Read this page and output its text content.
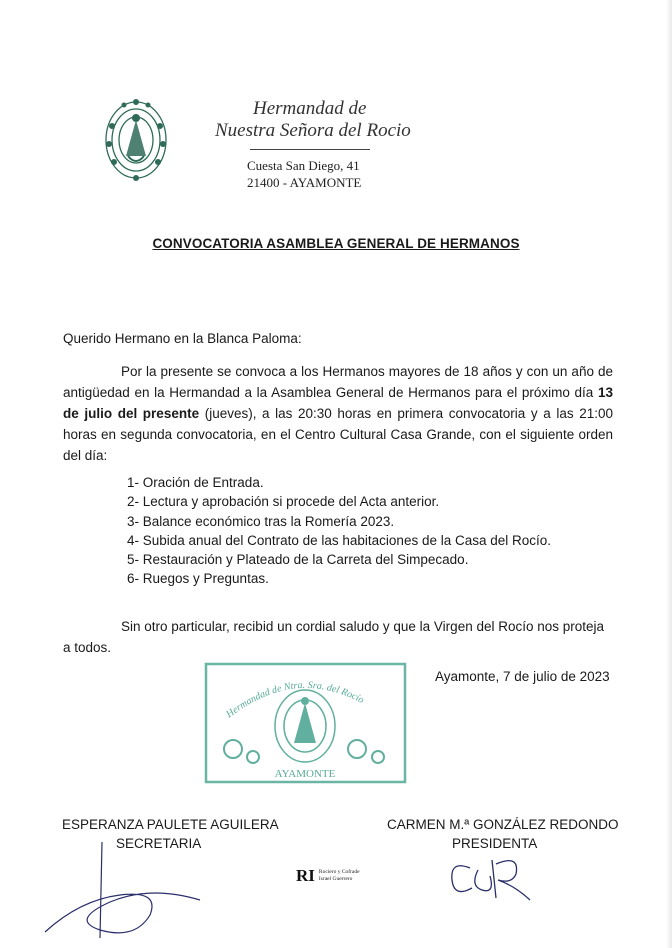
Hermandad de
Nuestra Señora del Rocio
Cuesta San Diego, 41
21400 - AYAMONTE
CONVOCATORIA ASAMBLEA GENERAL DE HERMANOS
Querido Hermano en la Blanca Paloma:
Por la presente se convoca a los Hermanos mayores de 18 años y con un año de antigüedad en la Hermandad a la Asamblea General de Hermanos para el próximo día 13 de julio del presente (jueves), a las 20:30 horas en primera convocatoria y a las 21:00 horas en segunda convocatoria, en el Centro Cultural Casa Grande, con el siguiente orden del día:
1- Oración de Entrada.
2- Lectura y aprobación si procede del Acta anterior.
3- Balance económico tras la Romería 2023.
4- Subida anual del Contrato de las habitaciones de la Casa del Rocío.
5- Restauración y Plateado de la Carreta del Simpecado.
6- Ruegos y Preguntas.
Sin otro particular, recibid un cordial saludo y que la Virgen del Rocío nos proteja a todos.
Hermandad de Ntra. Sra. del Rocío
AYAMONTE
Ayamonte, 7 de julio de 2023
ESPERANZA PAULETE AGUILERA
SECRETARIA
CARMEN M.ª GONZÁLEZ REDONDO
PRESIDENTA
RI Rociero y Cofrade
Israel Guerrero
